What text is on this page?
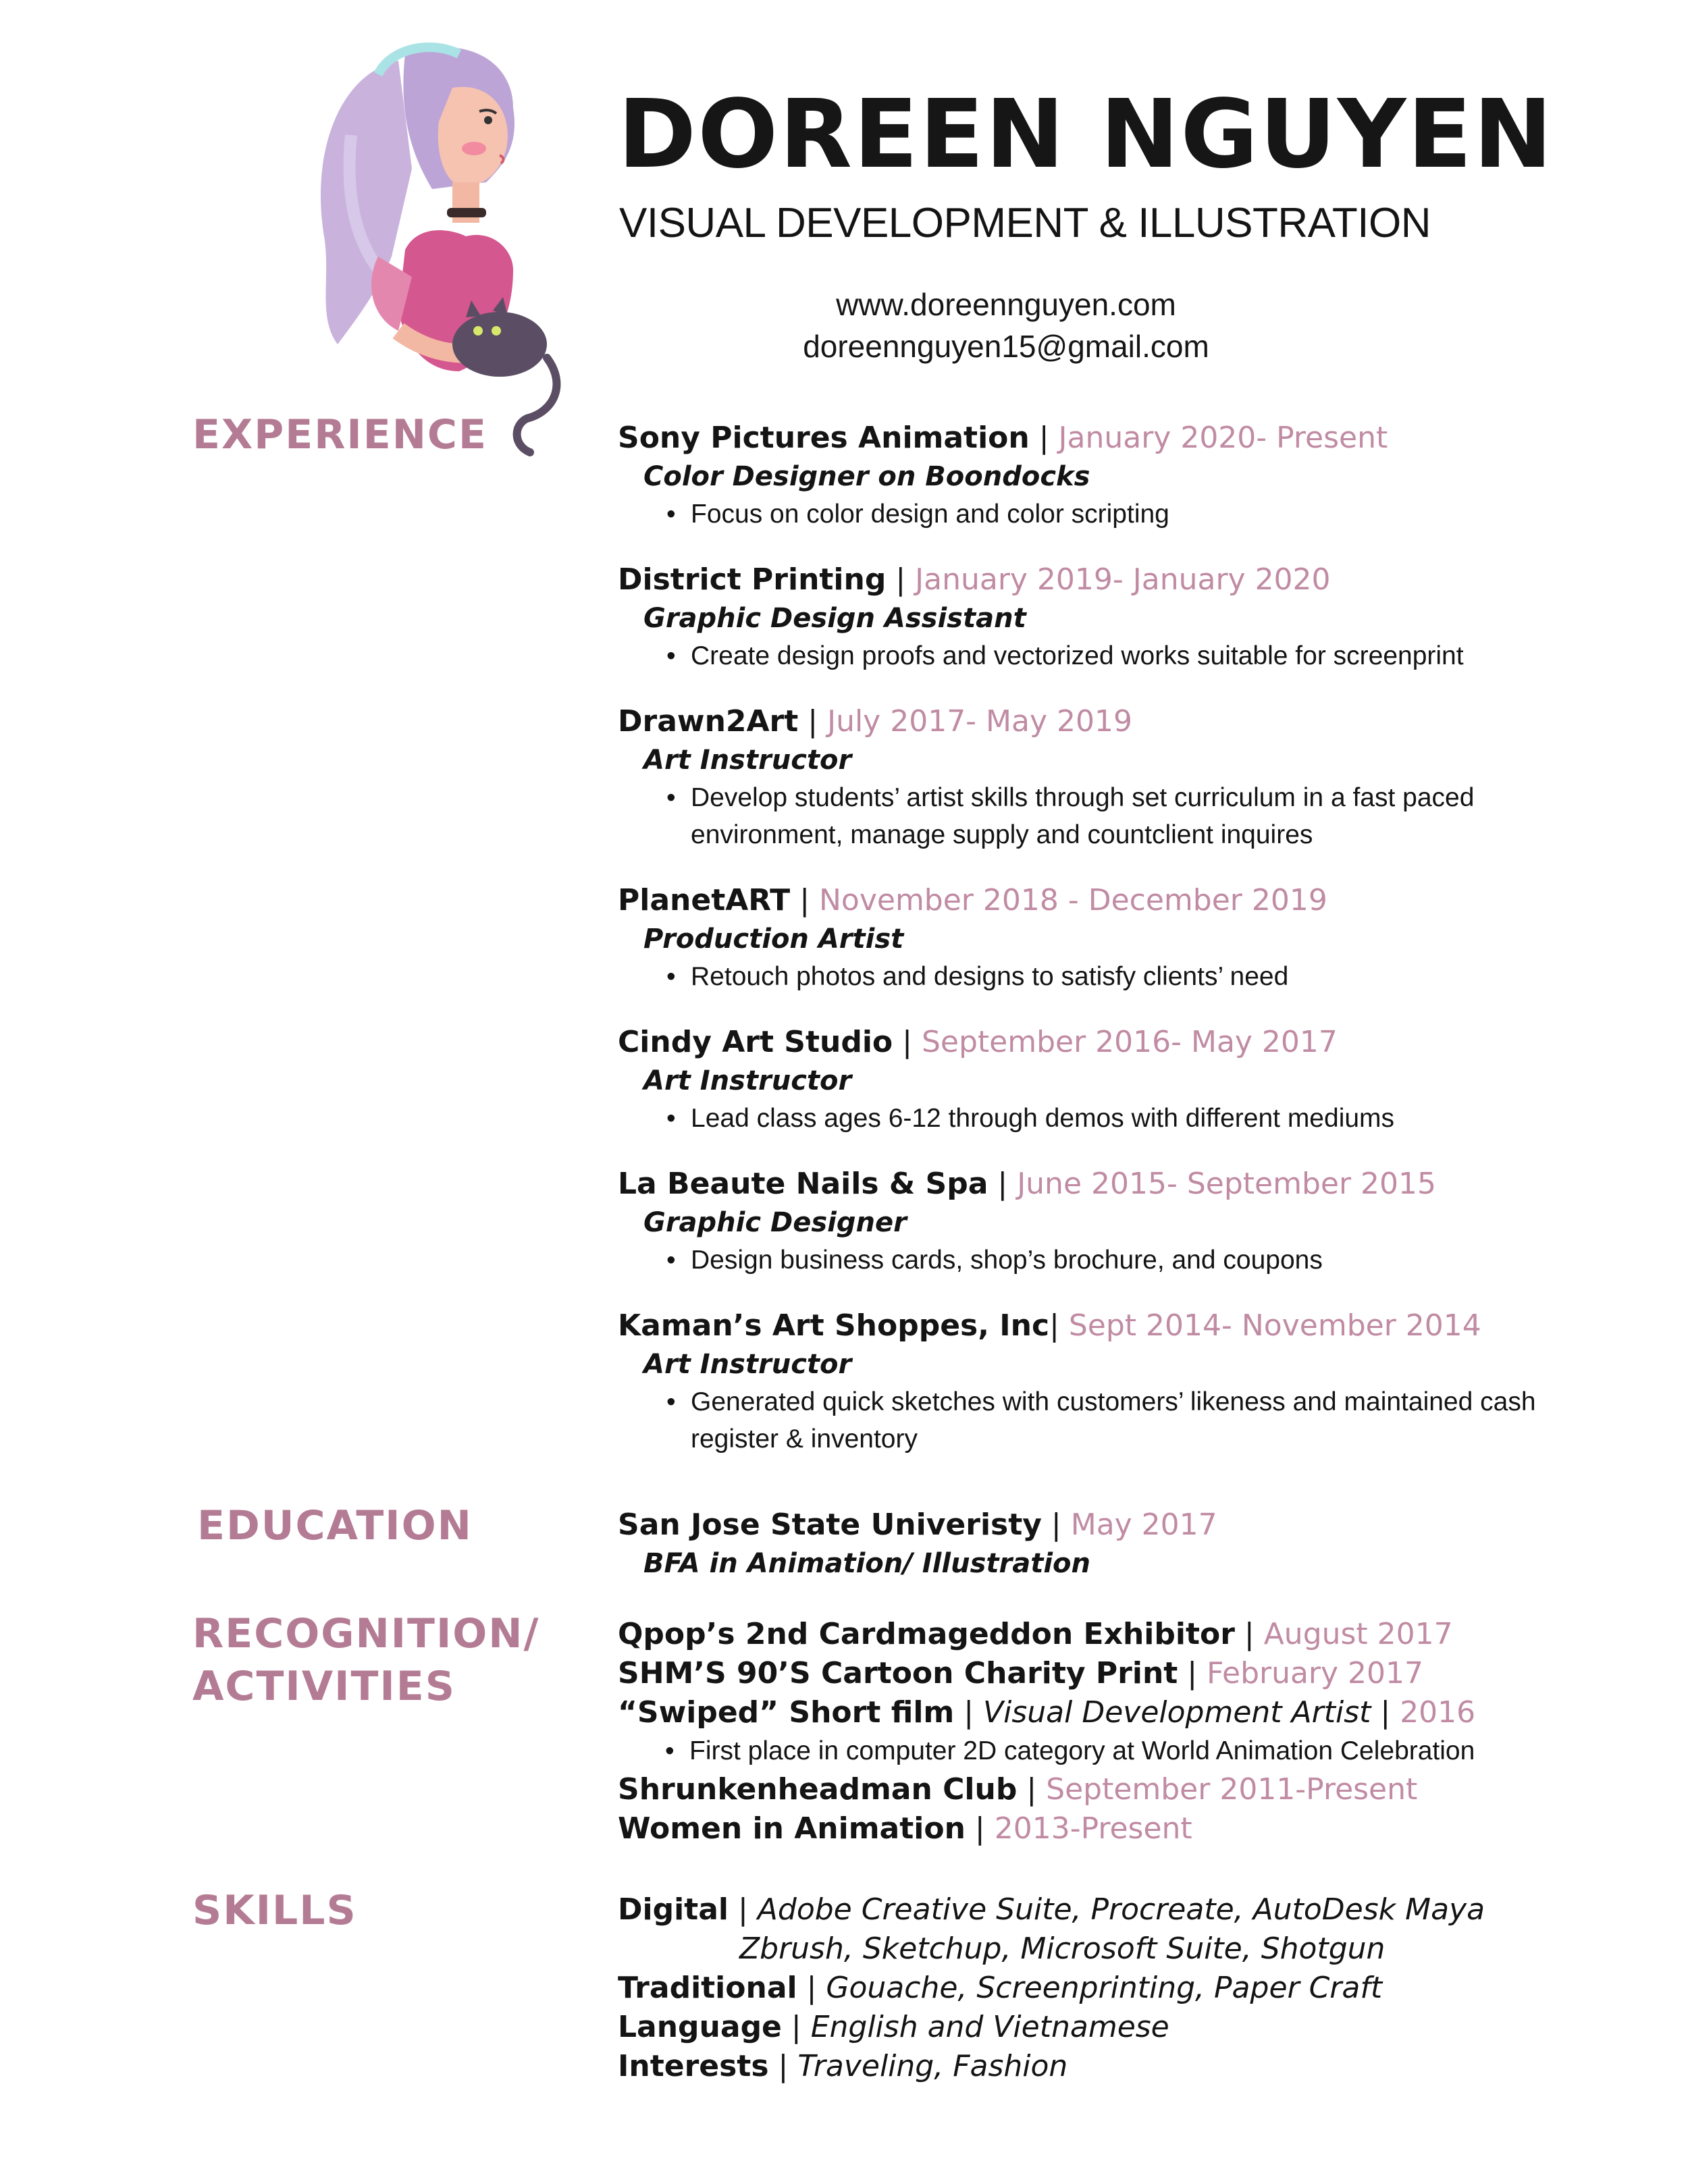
DOREEN NGUYEN
VISUAL DEVELOPMENT & ILLUSTRATION
www.doreennguyen.com
doreennguyen15@gmail.com
EXPERIENCE
EDUCATION
RECOGNITION/
ACTIVITIES
SKILLS
Sony Pictures Animation | January 2020- Present
Color Designer on Boondocks
• Focus on color design and color scripting
District Printing | January 2019- January 2020
Graphic Design Assistant
• Create design proofs and vectorized works suitable for screenprint
Drawn2Art | July 2017- May 2019
Art Instructor
• Develop students’ artist skills through set curriculum in a fast paced environment, manage supply and countclient inquires
PlanetART | November 2018 - December 2019
Production Artist
• Retouch photos and designs to satisfy clients’ need
Cindy Art Studio | September 2016- May 2017
Art Instructor
• Lead class ages 6-12 through demos with different mediums
La Beaute Nails & Spa | June 2015- September 2015
Graphic Designer
• Design business cards, shop’s brochure, and coupons
Kaman’s Art Shoppes, Inc| Sept 2014- November 2014
Art Instructor
• Generated quick sketches with customers’ likeness and maintained cash register & inventory
San Jose State Univeristy | May 2017
BFA in Animation/ Illustration
Qpop’s 2nd Cardmageddon Exhibitor | August 2017
SHM’S 90’S Cartoon Charity Print | February 2017
“Swiped” Short film | Visual Development Artist | 2016
• First place in computer 2D category at World Animation Celebration
Shrunkenheadman Club | September 2011-Present
Women in Animation | 2013-Present
Digital | Adobe Creative Suite, Procreate, AutoDesk Maya
Zbrush, Sketchup, Microsoft Suite, Shotgun
Traditional | Gouache, Screenprinting, Paper Craft
Language | English and Vietnamese
Interests | Traveling, Fashion
